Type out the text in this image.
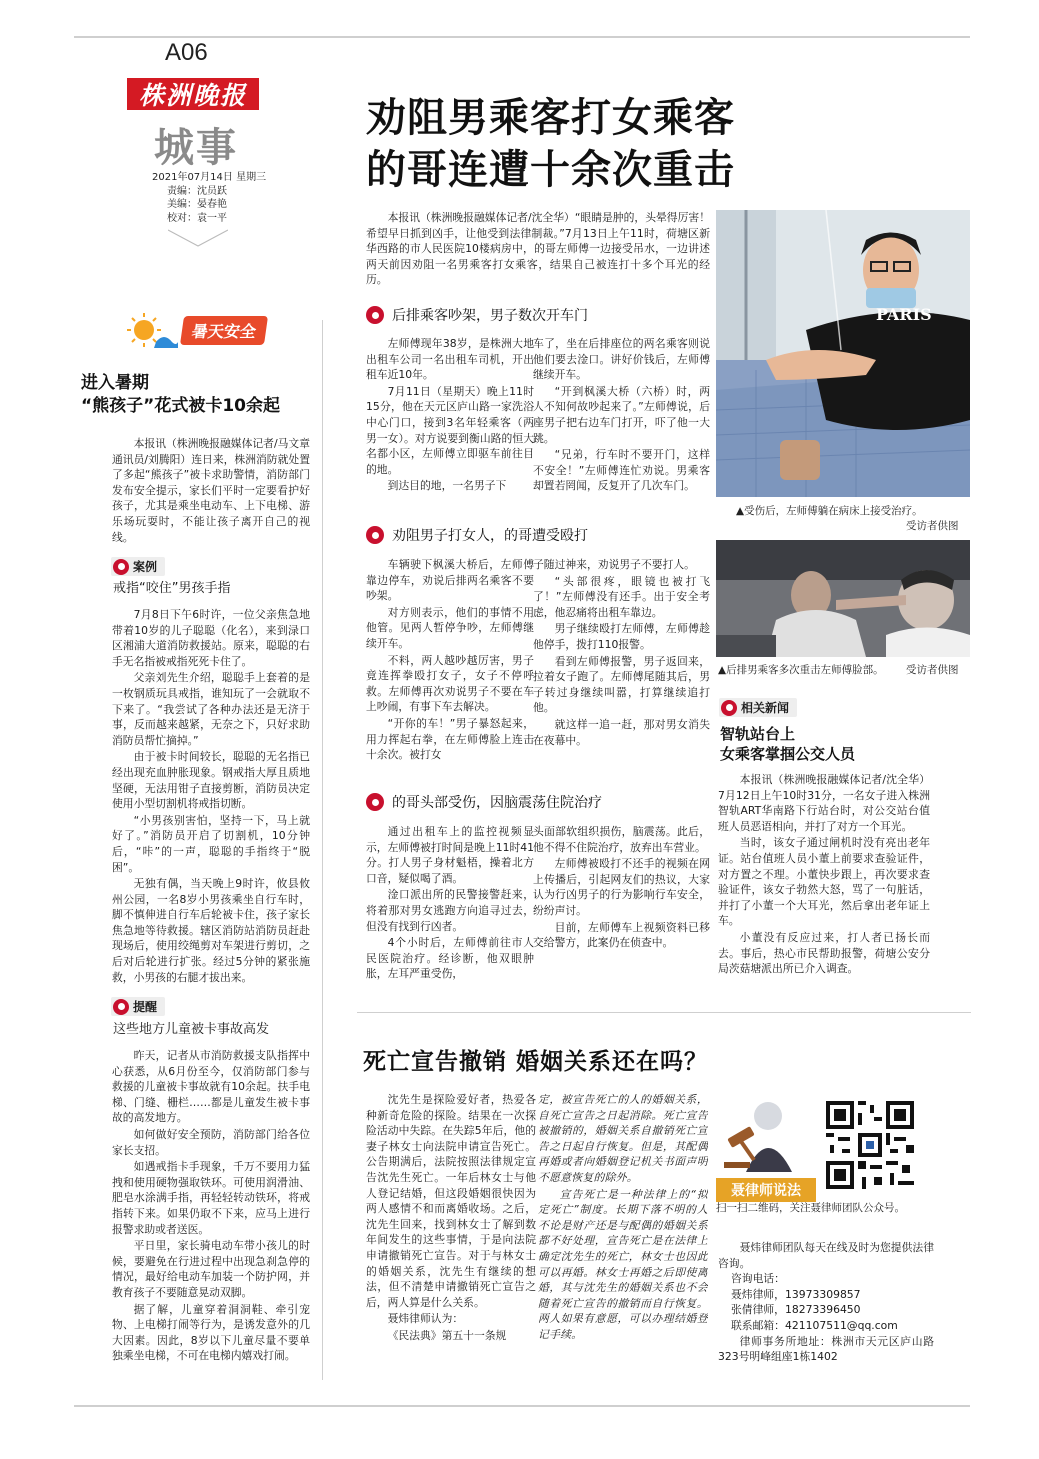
A06
株洲晚报
城事
2021年07月14日 星期三
责编：沈员跃
美编：晏春艳
校对：袁一平
劝阻男乘客打女乘客
的哥连遭十余次重击

本报讯（株洲晚报融媒体记者/沈全华）“眼睛是肿的，头晕得厉害！希望早日抓到凶手，让他受到法律制裁。”7月13日上午11时，荷塘区新华西路的市人民医院10楼病房中，的哥左师傅一边接受吊水，一边讲述两天前因劝阻一名男乘客打女乘客，结果自己被连打十多个耳光的经历。

后排乘客吵架，男子数次开车门

左师傅现年38岁，是株洲大地出租车公司一名出租车司机，开出租车近10年。

7月11日（星期天）晚上11时15分，他在天元区庐山路一家洗浴中心门口，接到3名年轻乘客（两男一女）。对方说要到衡山路的恒大名都小区，左师傅立即驱车前往目的地。

到达目的地，一名男子下

车了，坐在后排座位的两名乘客则说他们要去淦口。讲好价钱后，左师傅继续开车。

“开到枫溪大桥（六桥）时，两人不知何故吵起来了。”左师傅说，后座男子把右边车门打开，吓了他一大跳。

“兄弟，行车时不要开门，这样不安全！”左师傅连忙劝说。男乘客却置若罔闻，反复开了几次车门。

劝阻男子打女人，的哥遭受殴打

车辆驶下枫溪大桥后，左师傅靠边停车，劝说后排两名乘客不要吵架。

对方则表示，他们的事情不用他管。见两人暂停争吵，左师傅继续开车。

不料，两人越吵越厉害，男子竟连挥拳殴打女子，女子不停呼救。左师傅再次劝说男子不要在车上吵闹，有事下车去解决。

“开你的车！”男子暴怒起来，用力挥起右拳，在左师傅脸上连击十余次。被打女

子随过神来，劝说男子不要打人。

“头部很疼，眼镜也被打飞了！”左师傅没有还手。出于安全考虑，他忍痛将出租车靠边。

男子继续殴打左师傅，左师傅趁他停手，拨打110报警。

看到左师傅报警，男子返回来，拉着女子跑了。左师傅尾随其后，男子转过身继续叫嚣，打算继续追打他。

就这样一追一赶，那对男女消失在夜幕中。

的哥头部受伤，因脑震荡住院治疗

通过出租车上的监控视频显示，左师傅被打时间是晚上11时41分。打人男子身材魁梧，操着北方口音，疑似喝了酒。

淦口派出所的民警接警赶来，将着那对男女逃跑方向追寻过去，但没有找到行凶者。

4个小时后，左师傅前往市人民医院治疗。经诊断，他双眼肿胀，左耳严重受伤，

头面部软组织损伤，脑震荡。此后，他不得不住院治疗，放弃出车营业。

左师傅被殴打不还手的视频在网上传播后，引起网友们的热议，大家认为行凶男子的行为影响行车安全，纷纷声讨。

目前，左师傅车上视频资料已移交给警方，此案仍在侦查中。

PARIS
▲受伤后，左师傅躺在病床上接受治疗。
受访者供图
▲后排男乘客多次重击左师傅脸部。 受访者供图
相关新闻
智轨站台上
女乘客掌掴公交人员

本报讯（株洲晚报融媒体记者/沈全华）7月12日上午10时31分，一名女子进入株洲智轨ART华南路下行站台时，对公交站台值班人员恶语相向，并打了对方一个耳光。

当时，该女子通过闸机时没有亮出老年证。站台值班人员小董上前要求查验证件，对方置之不理。小董快步跟上，再次要求查验证件，该女子勃然大怒，骂了一句脏话，并打了小董一个大耳光，然后拿出老年证上车。

小董没有反应过来，打人者已扬长而去。事后，热心市民帮助报警，荷塘公安分局茨菇塘派出所已介入调查。

暑天安全
进入暑期
“熊孩子”花式被卡10余起

本报讯（株洲晚报融媒体记者/马文章 通讯员/刘腾阳）连日来，株洲消防就处置了多起“熊孩子”被卡求助警情，消防部门发布安全提示，家长们平时一定要看护好孩子，尤其是乘坐电动车、上下电梯、游乐场玩耍时，不能让孩子离开自己的视线。

案例
戒指“咬住”男孩手指

7月8日下午6时许，一位父亲焦急地带着10岁的儿子聪聪（化名），来到渌口区湘浦大道消防救援站。原来，聪聪的右手无名指被戒指死死卡住了。

父亲刘先生介绍，聪聪手上套着的是一枚钢质玩具戒指，谁知玩了一会就取不下来了。“我尝试了各种办法还是无济于事，反而越来越紧，无奈之下，只好求助消防员帮忙摘掉。”

由于被卡时间较长，聪聪的无名指已经出现充血肿胀现象。钢戒指大厚且质地坚硬，无法用钳子直接剪断，消防员决定使用小型切割机将戒指切断。

“小男孩别害怕，坚持一下，马上就好了。”消防员开启了切割机，10分钟后，“咔”的一声，聪聪的手指终于“脱困”。

无独有偶，当天晚上9时许，攸县攸州公园，一名8岁小男孩乘坐自行车时，脚不慎伸进自行车后轮被卡住，孩子家长焦急地等待救援。辖区消防站消防员赶赴现场后，使用绞绳剪对车架进行剪切，之后对后轮进行扩张。经过5分钟的紧张施救，小男孩的右腿才拔出来。

提醒
这些地方儿童被卡事故高发

昨天，记者从市消防救援支队指挥中心获悉，从6月份至今，仅消防部门参与救援的儿童被卡事故就有10余起。扶手电梯、门缝、栅栏……都是儿童发生被卡事故的高发地方。

如何做好安全预防，消防部门给各位家长支招。

如遇戒指卡手现象，千万不要用力猛拽和使用硬物强取铁环。可使用润滑油、肥皂水涂满手指，再轻轻转动铁环，将戒指转下来。如果仍取不下来，应马上进行报警求助或者送医。

平日里，家长骑电动车带小孩儿的时候，要避免在行进过程中出现急刹急停的情况，最好给电动车加装一个防护网，并教育孩子不要随意晃动双脚。

据了解，儿童穿着洞洞鞋、牵引宠物、上电梯打闹等行为，是诱发意外的几大因素。因此，8岁以下儿童尽量不要单独乘坐电梯，不可在电梯内嬉戏打闹。

死亡宣告撤销 婚姻关系还在吗？

沈先生是探险爱好者，热爱各种新奇危险的探险。结果在一次探险活动中失踪。在失踪5年后，他的妻子林女士向法院申请宣告死亡。公告期满后，法院按照法律规定宣告沈先生死亡。一年后林女士与他人登记结婚，但这段婚姻很快因为两人感情不和而离婚收场。之后，沈先生回来，找到林女士了解到数年间发生的这些事情，于是向法院申请撤销死亡宣告。对于与林女士的婚姻关系，沈先生有继续的想法，但不清楚申请撤销死亡宣告之后，两人算是什么关系。

聂炜律师认为：

《民法典》第五十一条规

定，被宣告死亡的人的婚姻关系，自死亡宣告之日起消除。死亡宣告被撤销的，婚姻关系自撤销死亡宣告之日起自行恢复。但是，其配偶再婚或者向婚姻登记机关书面声明不愿意恢复的除外。

宣告死亡是一种法律上的“拟定死亡”制度。长期下落不明的人不论是财产还是与配偶的婚姻关系都不好处理，宣告死亡是在法律上确定沈先生的死亡，林女士也因此可以再婚。林女士再婚之后即使离婚，其与沈先生的婚姻关系也不会随着死亡宣告的撤销而自行恢复。两人如果有意愿，可以办理结婚登记手续。

聂律师说法
扫一扫二维码，关注聂律师团队公众号。

聂炜律师团队每天在线及时为您提供法律咨询。

咨询电话：
聂炜律师，13973309857
张倩律师，18273396450
联系邮箱：421107511@qq.com

律师事务所地址：株洲市天元区庐山路323号明峰组座1栋1402
